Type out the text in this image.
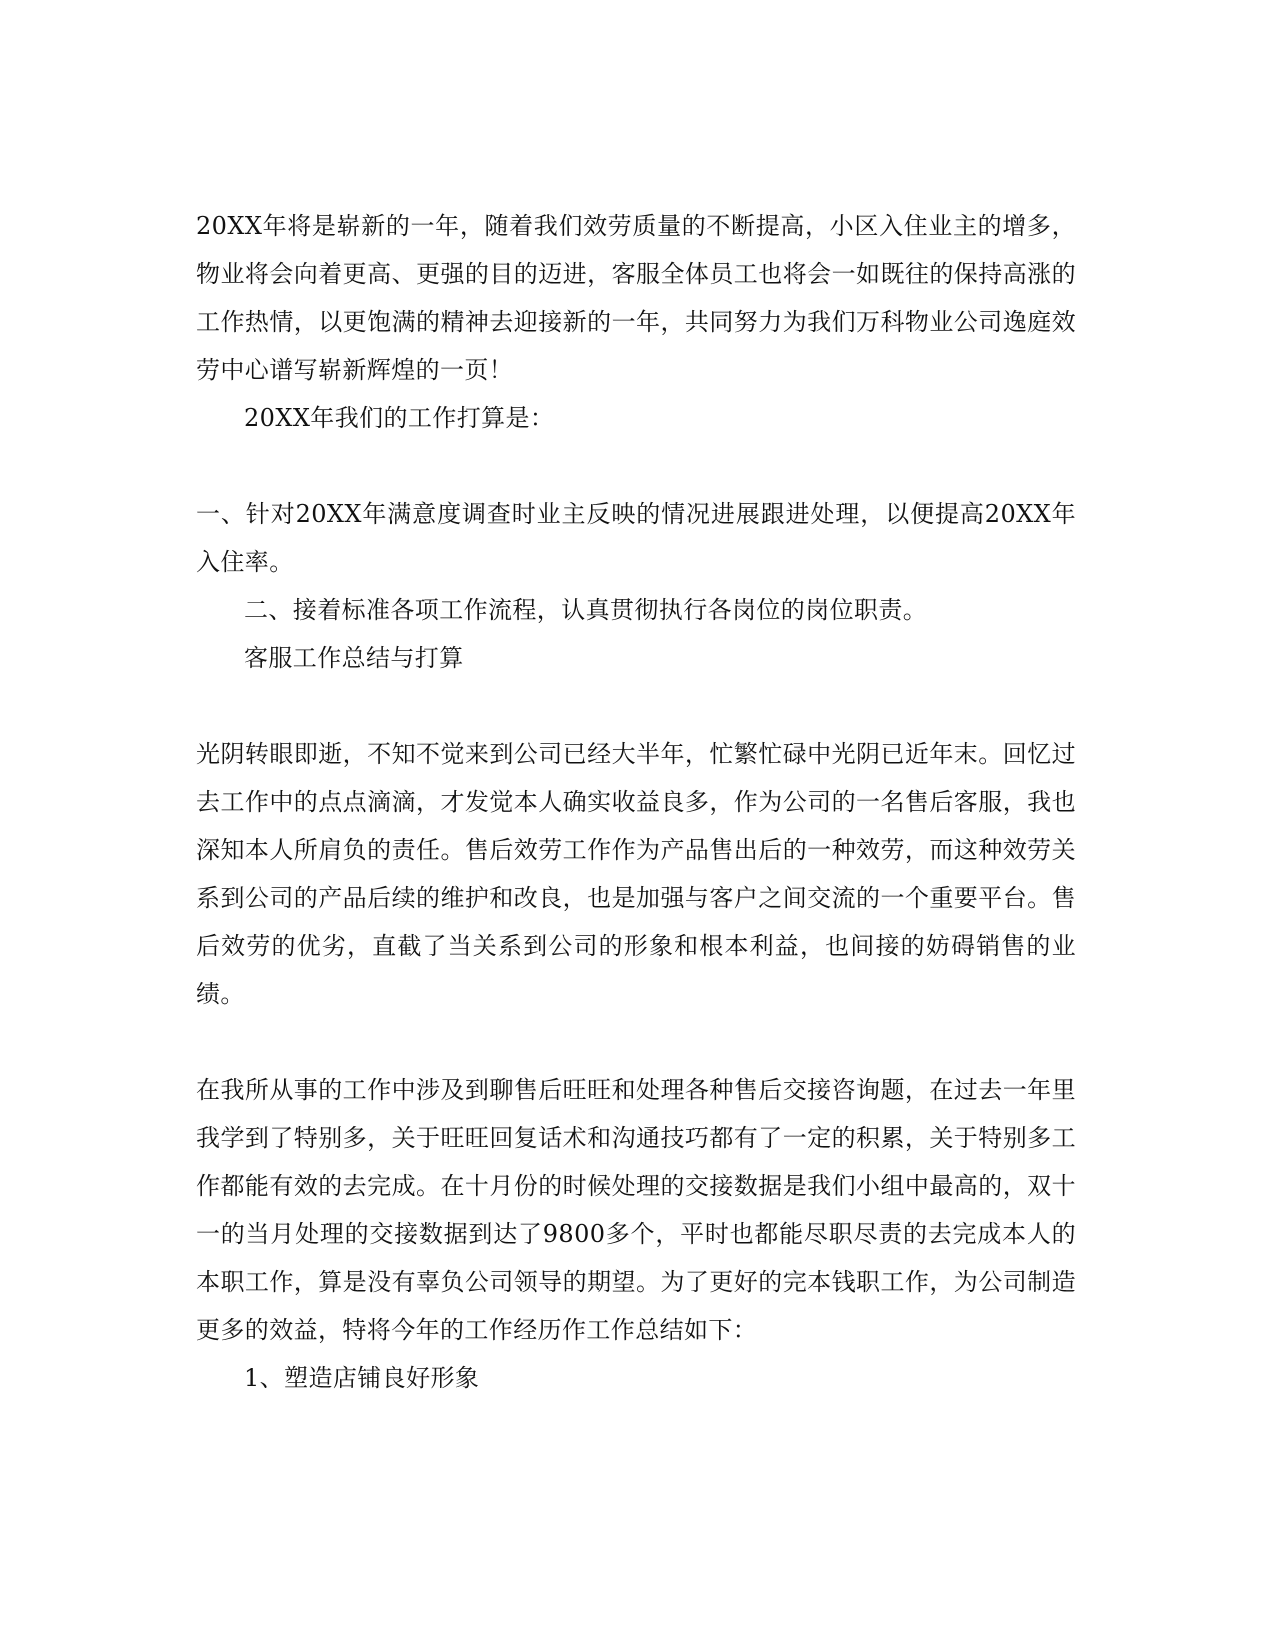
20XX年将是崭新的一年，随着我们效劳质量的不断提高，小区入住业主的增多，物业将会向着更高、更强的目的迈进，客服全体员工也将会一如既往的保持高涨的工作热情，以更饱满的精神去迎接新的一年，共同努力为我们万科物业公司逸庭效劳中心谱写崭新辉煌的一页！

20XX年我们的工作打算是：

一、针对20XX年满意度调查时业主反映的情况进展跟进处理，以便提高20XX年入住率。

二、接着标准各项工作流程，认真贯彻执行各岗位的岗位职责。

客服工作总结与打算

光阴转眼即逝，不知不觉来到公司已经大半年，忙繁忙碌中光阴已近年末。回忆过去工作中的点点滴滴，才发觉本人确实收益良多，作为公司的一名售后客服，我也深知本人所肩负的责任。售后效劳工作作为产品售出后的一种效劳，而这种效劳关系到公司的产品后续的维护和改良，也是加强与客户之间交流的一个重要平台。售后效劳的优劣，直截了当关系到公司的形象和根本利益，也间接的妨碍销售的业绩。

在我所从事的工作中涉及到聊售后旺旺和处理各种售后交接咨询题，在过去一年里我学到了特别多，关于旺旺回复话术和沟通技巧都有了一定的积累，关于特别多工作都能有效的去完成。在十月份的时候处理的交接数据是我们小组中最高的，双十一的当月处理的交接数据到达了9800多个，平时也都能尽职尽责的去完成本人的本职工作，算是没有辜负公司领导的期望。为了更好的完本钱职工作，为公司制造更多的效益，特将今年的工作经历作工作总结如下：

1、塑造店铺良好形象
